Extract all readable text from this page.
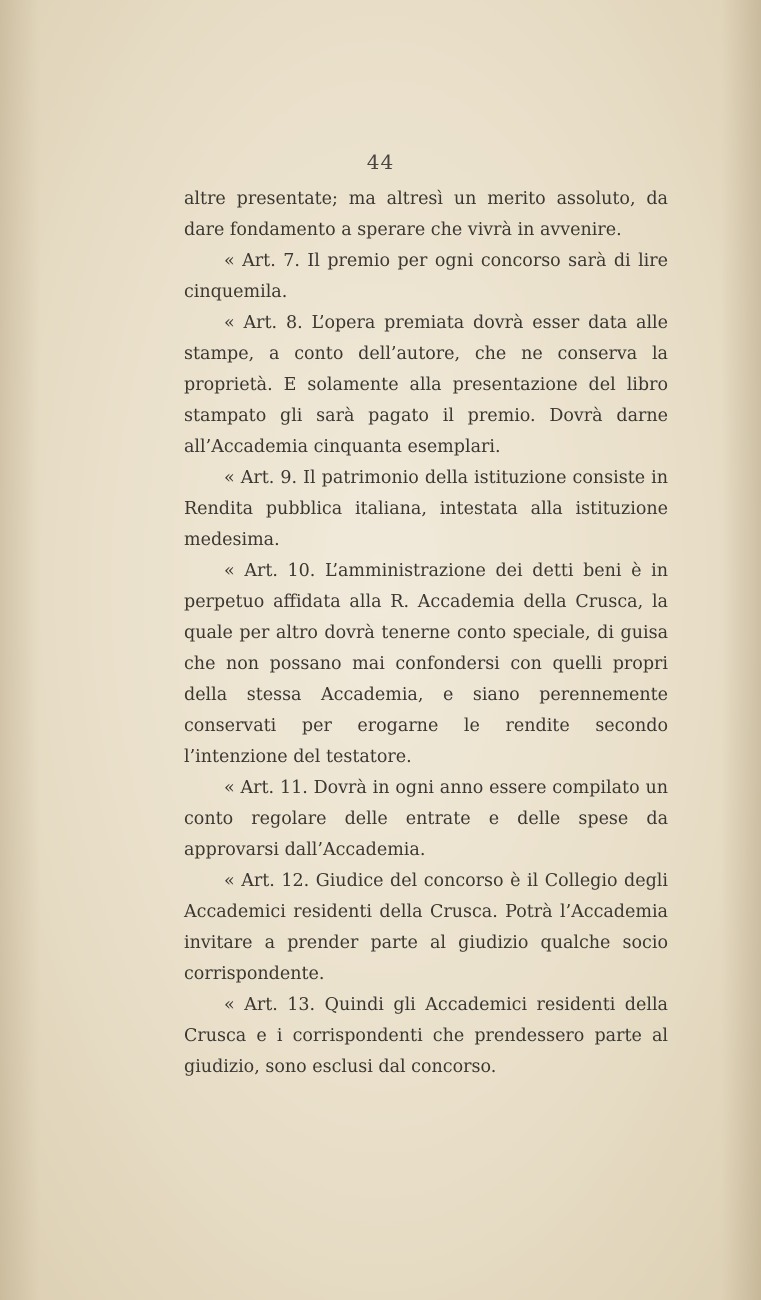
44

altre presentate; ma altresì un merito assoluto, da dare fondamento a sperare che vivrà in avvenire.

« Art. 7. Il premio per ogni concorso sarà di lire cinquemila.

« Art. 8. L’opera premiata dovrà esser data alle stampe, a conto dell’autore, che ne conserva la proprietà. E solamente alla presentazione del libro stampato gli sarà pagato il premio. Dovrà darne all’Accademia cinquanta esemplari.

« Art. 9. Il patrimonio della istituzione consiste in Rendita pubblica italiana, intestata alla istituzione medesima.

« Art. 10. L’amministrazione dei detti beni è in perpetuo affidata alla R. Accademia della Crusca, la quale per altro dovrà tenerne conto speciale, di guisa che non possano mai confondersi con quelli propri della stessa Accademia, e siano perennemente conservati per erogarne le rendite secondo l’intenzione del testatore.

« Art. 11. Dovrà in ogni anno essere compilato un conto regolare delle entrate e delle spese da approvarsi dall’Accademia.

« Art. 12. Giudice del concorso è il Collegio degli Accademici residenti della Crusca. Potrà l’Accademia invitare a prender parte al giudizio qualche socio corrispondente.

« Art. 13. Quindi gli Accademici residenti della Crusca e i corrispondenti che prendessero parte al giudizio, sono esclusi dal concorso.
